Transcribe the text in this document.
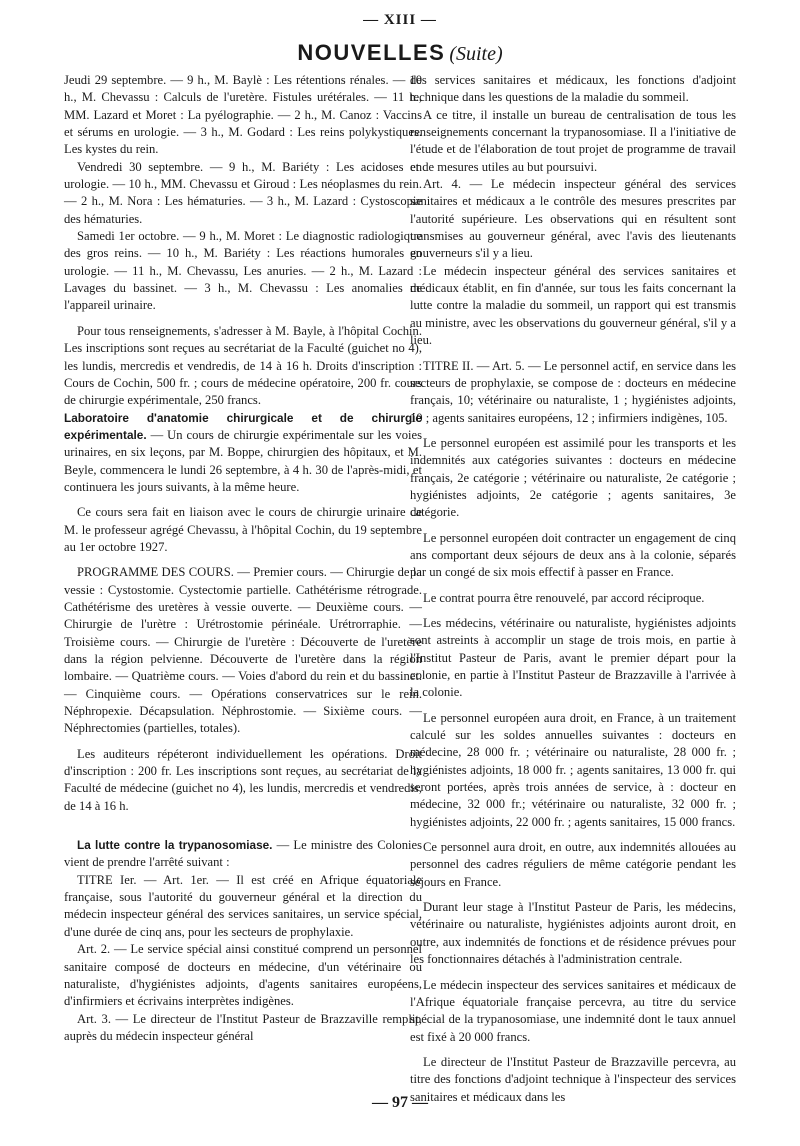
— XIII —
NOUVELLES (Suite)

Jeudi 29 septembre. — 9 h., M. Baylè : Les rétentions rénales. — 10 h., M. Chevassu : Calculs de l'uretère. Fistules urétérales. — 11 h., MM. Lazard et Moret : La pyélographie. — 2 h., M. Canoz : Vaccins et sérums en urologie. — 3 h., M. Godard : Les reins polykystiques. Les kystes du rein.

Vendredi 30 septembre. — 9 h., M. Bariéty : Les acidoses en urologie. — 10 h., MM. Chevassu et Giroud : Les néoplasmes du rein. — 2 h., M. Nora : Les hématuries. — 3 h., M. Lazard : Cystoscopie des hématuries.

Samedi 1er octobre. — 9 h., M. Moret : Le diagnostic radiologique des gros reins. — 10 h., M. Bariéty : Les réactions humorales en urologie. — 11 h., M. Chevassu, Les anuries. — 2 h., M. Lazard : Lavages du bassinet. — 3 h., M. Chevassu : Les anomalies de l'appareil urinaire.

Pour tous renseignements, s'adresser à M. Bayle, à l'hôpital Cochin. Les inscriptions sont reçues au secrétariat de la Faculté (guichet no 4), les lundis, mercredis et vendredis, de 14 à 16 h. Droits d'inscription : Cours de Cochin, 500 fr. ; cours de médecine opératoire, 200 fr. cours de chirurgie expérimentale, 250 francs.

Laboratoire d'anatomie chirurgicale et de chirurgie expérimentale. — Un cours de chirurgie expérimentale sur les voies urinaires, en six leçons, par M. Boppe, chirurgien des hôpitaux, et M. Beyle, commencera le lundi 26 septembre, à 4 h. 30 de l'après-midi, et continuera les jours suivants, à la même heure.

Ce cours sera fait en liaison avec le cours de chirurgie urinaire de M. le professeur agrégé Chevassu, à l'hôpital Cochin, du 19 septembre au 1er octobre 1927.

PROGRAMME DES COURS. — Premier cours. — Chirurgie de la vessie : Cystostomie. Cystectomie partielle. Cathétérisme rétrograde. Cathétérisme des uretères à vessie ouverte. — Deuxième cours. — Chirurgie de l'urètre : Urétrostomie périnéale. Urétrorraphie. — Troisième cours. — Chirurgie de l'uretère : Découverte de l'uretère dans la région pelvienne. Découverte de l'uretère dans la région lombaire. — Quatrième cours. — Voies d'abord du rein et du bassinet. — Cinquième cours. — Opérations conservatrices sur le rein. Néphropexie. Décapsulation. Néphrostomie. — Sixième cours. — Néphrectomies (partielles, totales).

Les auditeurs répéteront individuellement les opérations. Droit d'inscription : 200 fr. Les inscriptions sont reçues, au secrétariat de la Faculté de médecine (guichet no 4), les lundis, mercredis et vendredis, de 14 à 16 h.

La lutte contre la trypanosomiase. — Le ministre des Colonies vient de prendre l'arrêté suivant :

TITRE Ier. — Art. 1er. — Il est créé en Afrique équatoriale française, sous l'autorité du gouverneur général et la direction du médecin inspecteur général des services sanitaires, un service spécial, d'une durée de cinq ans, pour les secteurs de prophylaxie.

Art. 2. — Le service spécial ainsi constitué comprend un personnel sanitaire composé de docteurs en médecine, d'un vétérinaire ou naturaliste, d'hygiénistes adjoints, d'agents sanitaires européens, d'infirmiers et écrivains interprètes indigènes.

Art. 3. — Le directeur de l'Institut Pasteur de Brazzaville remplit, auprès du médecin inspecteur général

des services sanitaires et médicaux, les fonctions d'adjoint technique dans les questions de la maladie du sommeil.

A ce titre, il installe un bureau de centralisation de tous les renseignements concernant la trypanosomiase. Il a l'initiative de l'étude et de l'élaboration de tout projet de programme de travail et de mesures utiles au but poursuivi.

Art. 4. — Le médecin inspecteur général des services sanitaires et médicaux a le contrôle des mesures prescrites par l'autorité supérieure. Les observations qui en résultent sont transmises au gouverneur général, avec l'avis des lieutenants gouverneurs s'il y a lieu.

Le médecin inspecteur général des services sanitaires et médicaux établit, en fin d'année, sur tous les faits concernant la lutte contre la maladie du sommeil, un rapport qui est transmis au ministre, avec les observations du gouverneur général, s'il y a lieu.

TITRE II. — Art. 5. — Le personnel actif, en service dans les secteurs de prophylaxie, se compose de : docteurs en médecine français, 10; vétérinaire ou naturaliste, 1 ; hygiénistes adjoints, 10 ; agents sanitaires européens, 12 ; infirmiers indigènes, 105.

Le personnel européen est assimilé pour les transports et les indemnités aux catégories suivantes : docteurs en médecine français, 2e catégorie ; vétérinaire ou naturaliste, 2e catégorie ; hygiénistes adjoints, 2e catégorie ; agents sanitaires, 3e catégorie.

Le personnel européen doit contracter un engagement de cinq ans comportant deux séjours de deux ans à la colonie, séparés par un congé de six mois effectif à passer en France.

Le contrat pourra être renouvelé, par accord réciproque.

Les médecins, vétérinaire ou naturaliste, hygiénistes adjoints sont astreints à accomplir un stage de trois mois, en partie à l'Institut Pasteur de Paris, avant le premier départ pour la colonie, en partie à l'Institut Pasteur de Brazzaville à l'arrivée à la colonie.

Le personnel européen aura droit, en France, à un traitement calculé sur les soldes annuelles suivantes : docteurs en médecine, 28 000 fr. ; vétérinaire ou naturaliste, 28 000 fr. ; hygiénistes adjoints, 18 000 fr. ; agents sanitaires, 13 000 fr. qui seront portées, après trois années de service, à : docteur en médecine, 32 000 fr.; vétérinaire ou naturaliste, 32 000 fr. ; hygiénistes adjoints, 22 000 fr. ; agents sanitaires, 15 000 francs.

Ce personnel aura droit, en outre, aux indemnités allouées au personnel des cadres réguliers de même catégorie pendant les séjours en France.

Durant leur stage à l'Institut Pasteur de Paris, les médecins, vétérinaire ou naturaliste, hygiénistes adjoints auront droit, en outre, aux indemnités de fonctions et de résidence prévues pour les fonctionnaires détachés à l'administration centrale.

Le médecin inspecteur des services sanitaires et médicaux de l'Afrique équatoriale française percevra, au titre du service spécial de la trypanosomiase, une indemnité dont le taux annuel est fixé à 20 000 francs.

Le directeur de l'Institut Pasteur de Brazzaville percevra, au titre des fonctions d'adjoint technique à l'inspecteur des services sanitaires et médicaux dans les

— 97 —
